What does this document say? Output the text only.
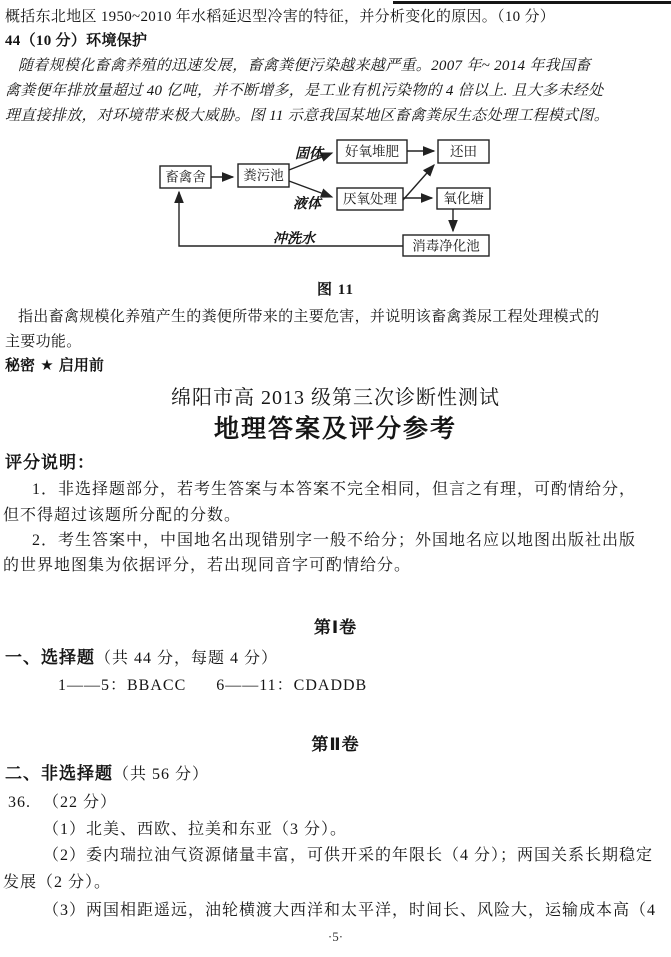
概括东北地区 1950~2010 年水稻延迟型冷害的特征，并分析变化的原因。（10 分）
44（10 分）环境保护
随着规模化畜禽养殖的迅速发展，畜禽粪便污染越来越严重。2007 年~ 2014 年我国畜
禽粪便年排放量超过 40 亿吨，并不断增多，是工业有机污染物的 4 倍以上. 且大多未经处
理直接排放，对环境带来极大威胁。图 11 示意我国某地区畜禽粪尿生态处理工程模式图。
固体
液体
冲洗水
畜禽舍	粪污池
好氧堆肥	还田
厌氧处理	氧化塘
消毒净化池
图 11
指出畜禽规模化养殖产生的粪便所带来的主要危害，并说明该畜禽粪尿工程处理模式的
主要功能。
秘密 ★ 启用前
绵阳市高 2013 级第三次诊断性测试
地理答案及评分参考
评分说明：
1．非选择题部分，若考生答案与本答案不完全相同，但言之有理，可酌情给分，
但不得超过该题所分配的分数。
2．考生答案中，中国地名出现错别字一般不给分；外国地名应以地图出版社出版
的世界地图集为依据评分，若出现同音字可酌情给分。
第Ⅰ卷
一、选择题（共 44 分，每题 4 分）
1——5：BBACC 6——11：CDADDB
第Ⅱ卷
二、非选择题（共 56 分）
36. （22 分）
（1）北美、西欧、拉美和东亚（3 分）。
（2）委内瑞拉油气资源储量丰富，可供开采的年限长（4 分）；两国关系长期稳定
发展（2 分）。
（3）两国相距遥远，油轮横渡大西洋和太平洋，时间长、风险大，运输成本高（4
·5·
